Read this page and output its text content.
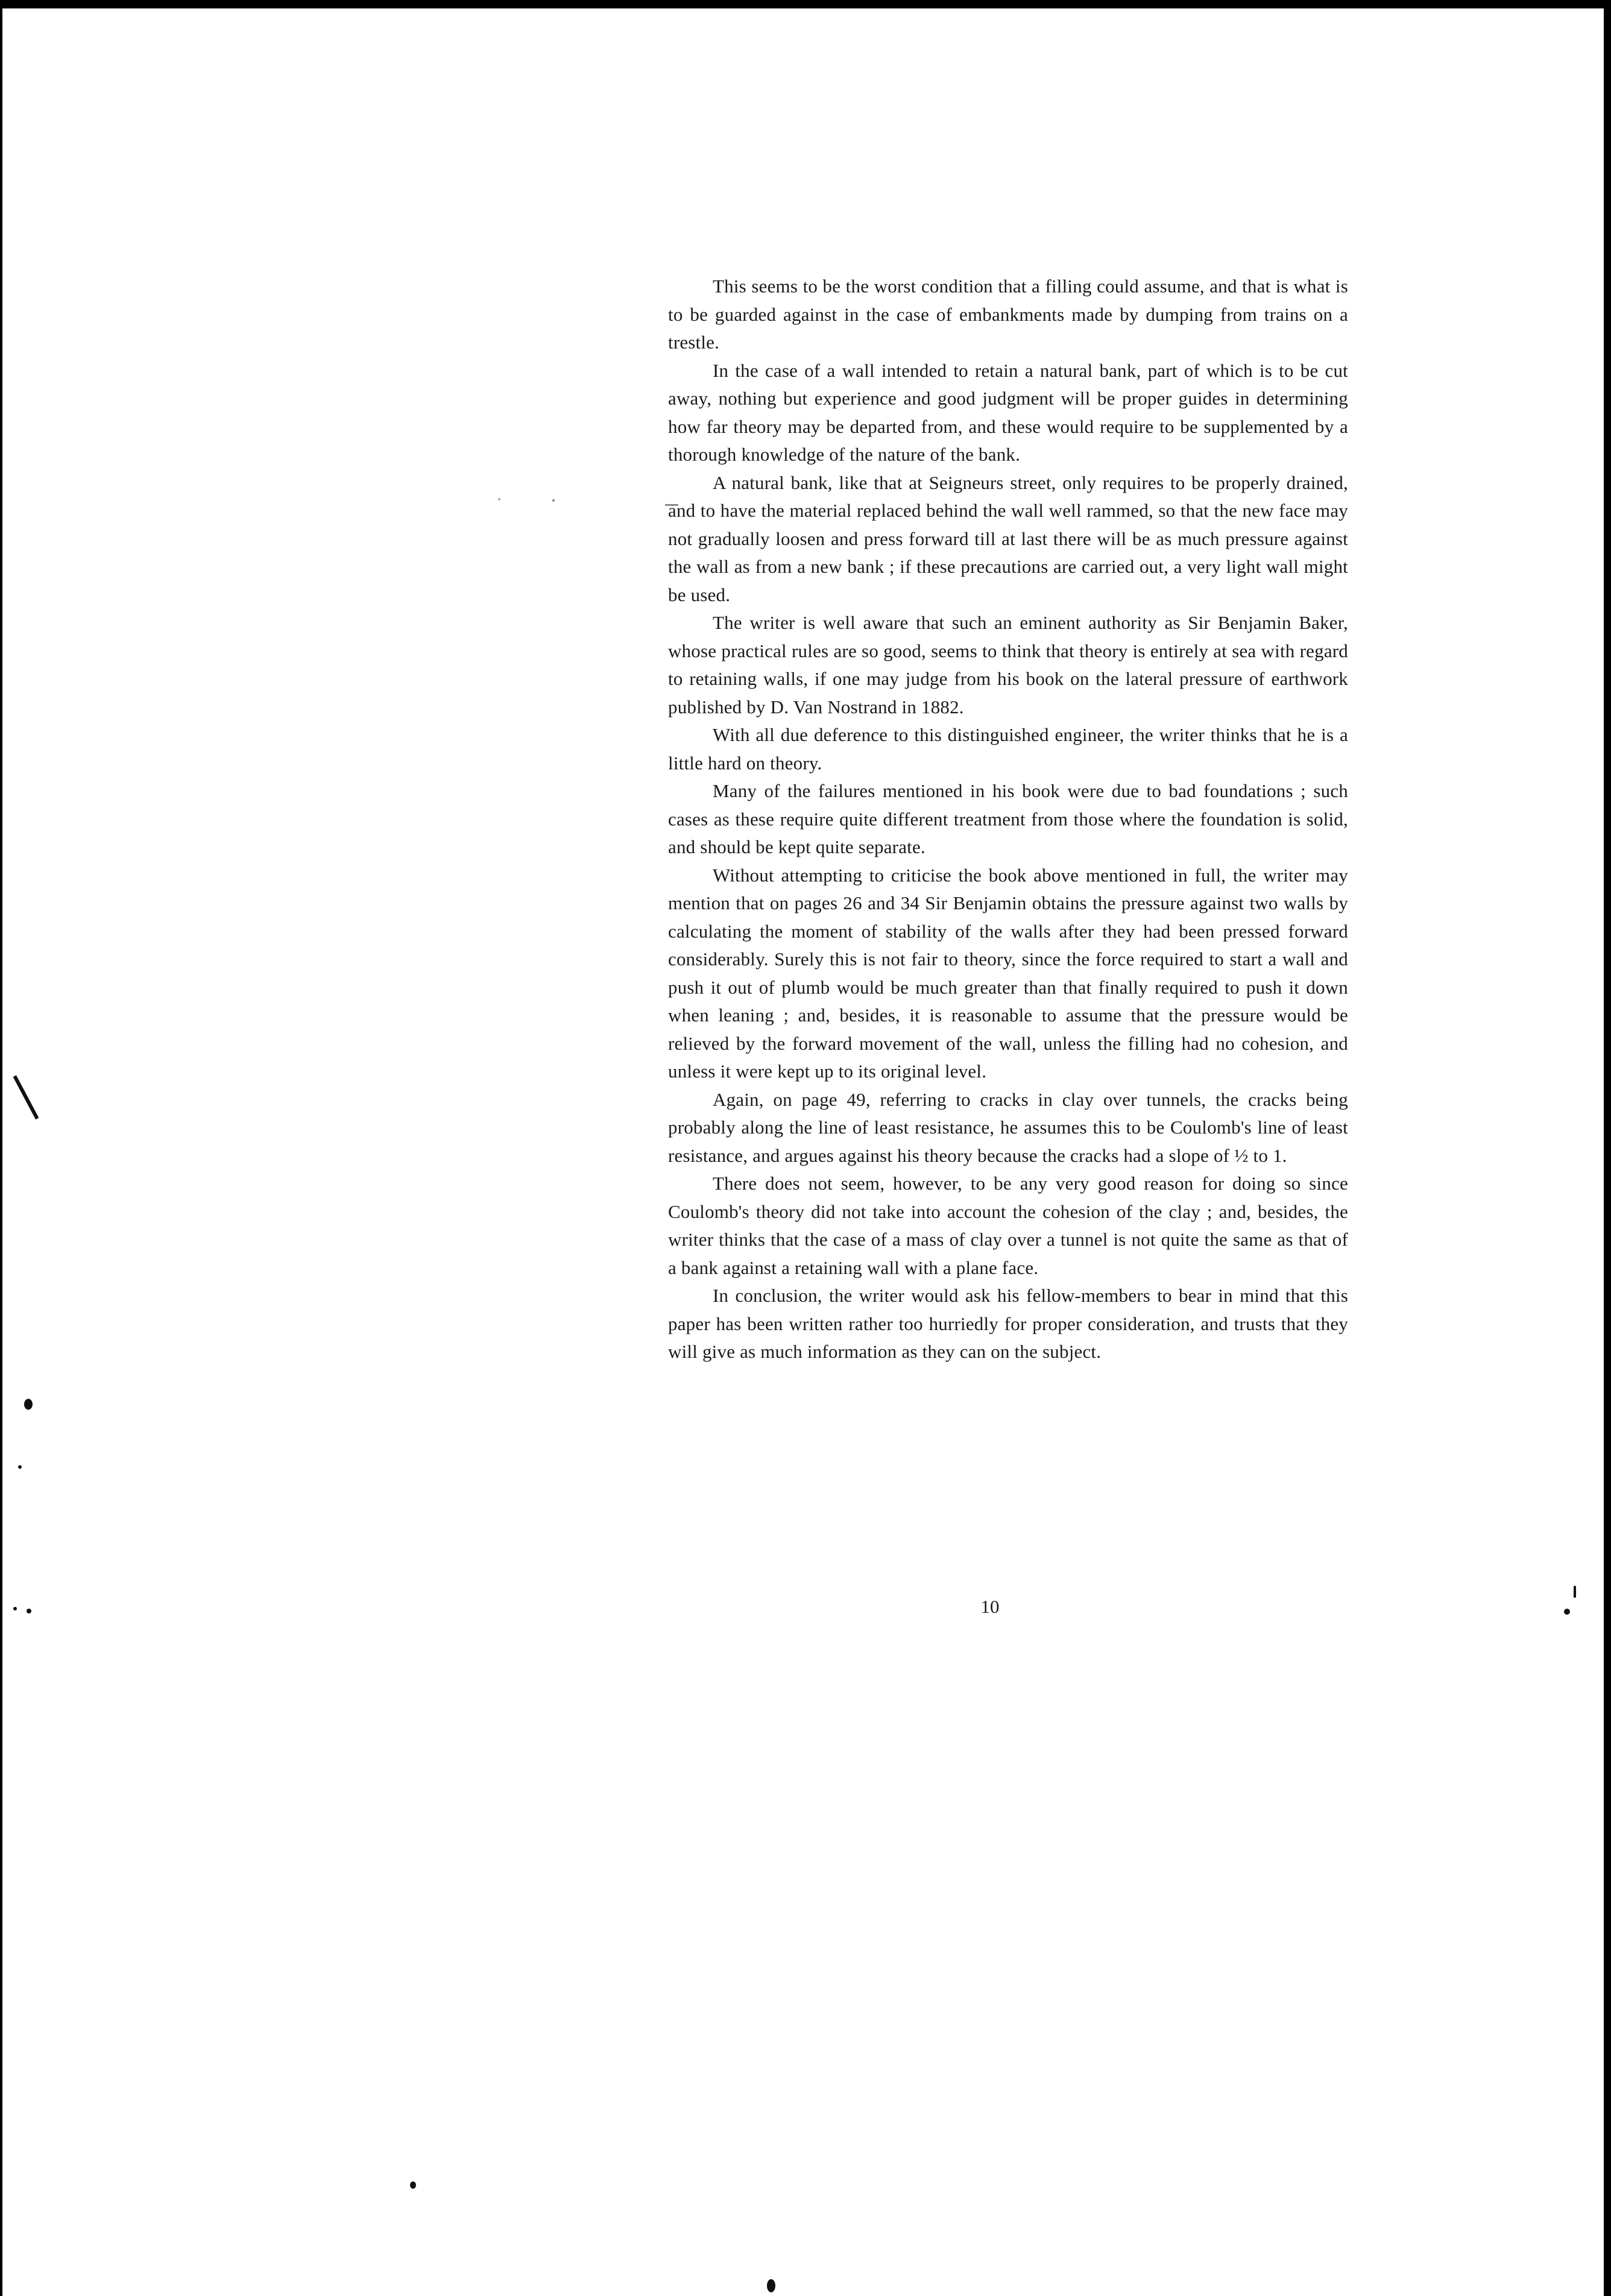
This seems to be the worst condition that a filling could assume, and that is what is to be guarded against in the case of embankments made by dumping from trains on a trestle.

In the case of a wall intended to retain a natural bank, part of which is to be cut away, nothing but experience and good judgment will be proper guides in determining how far theory may be departed from, and these would require to be supplemented by a thorough knowledge of the nature of the bank.

A natural bank, like that at Seigneurs street, only requires to be properly drained, and to have the material replaced behind the wall well rammed, so that the new face may not gradually loosen and press forward till at last there will be as much pressure against the wall as from a new bank ; if these precautions are carried out, a very light wall might be used.

The writer is well aware that such an eminent authority as Sir Benjamin Baker, whose practical rules are so good, seems to think that theory is entirely at sea with regard to retaining walls, if one may judge from his book on the lateral pressure of earthwork published by D. Van Nostrand in 1882.

With all due deference to this distinguished engineer, the writer thinks that he is a little hard on theory.

Many of the failures mentioned in his book were due to bad foundations ; such cases as these require quite different treatment from those where the foundation is solid, and should be kept quite separate.

Without attempting to criticise the book above mentioned in full, the writer may mention that on pages 26 and 34 Sir Benjamin obtains the pressure against two walls by calculating the moment of stability of the walls after they had been pressed forward considerably. Surely this is not fair to theory, since the force required to start a wall and push it out of plumb would be much greater than that finally required to push it down when leaning ; and, besides, it is reasonable to assume that the pressure would be relieved by the forward movement of the wall, unless the filling had no cohesion, and unless it were kept up to its original level.

Again, on page 49, referring to cracks in clay over tunnels, the cracks being probably along the line of least resistance, he assumes this to be Coulomb's line of least resistance, and argues against his theory because the cracks had a slope of ½ to 1.

There does not seem, however, to be any very good reason for doing so since Coulomb's theory did not take into account the cohesion of the clay ; and, besides, the writer thinks that the case of a mass of clay over a tunnel is not quite the same as that of a bank against a retaining wall with a plane face.

In conclusion, the writer would ask his fellow-members to bear in mind that this paper has been written rather too hurriedly for proper consideration, and trusts that they will give as much information as they can on the subject.

10
